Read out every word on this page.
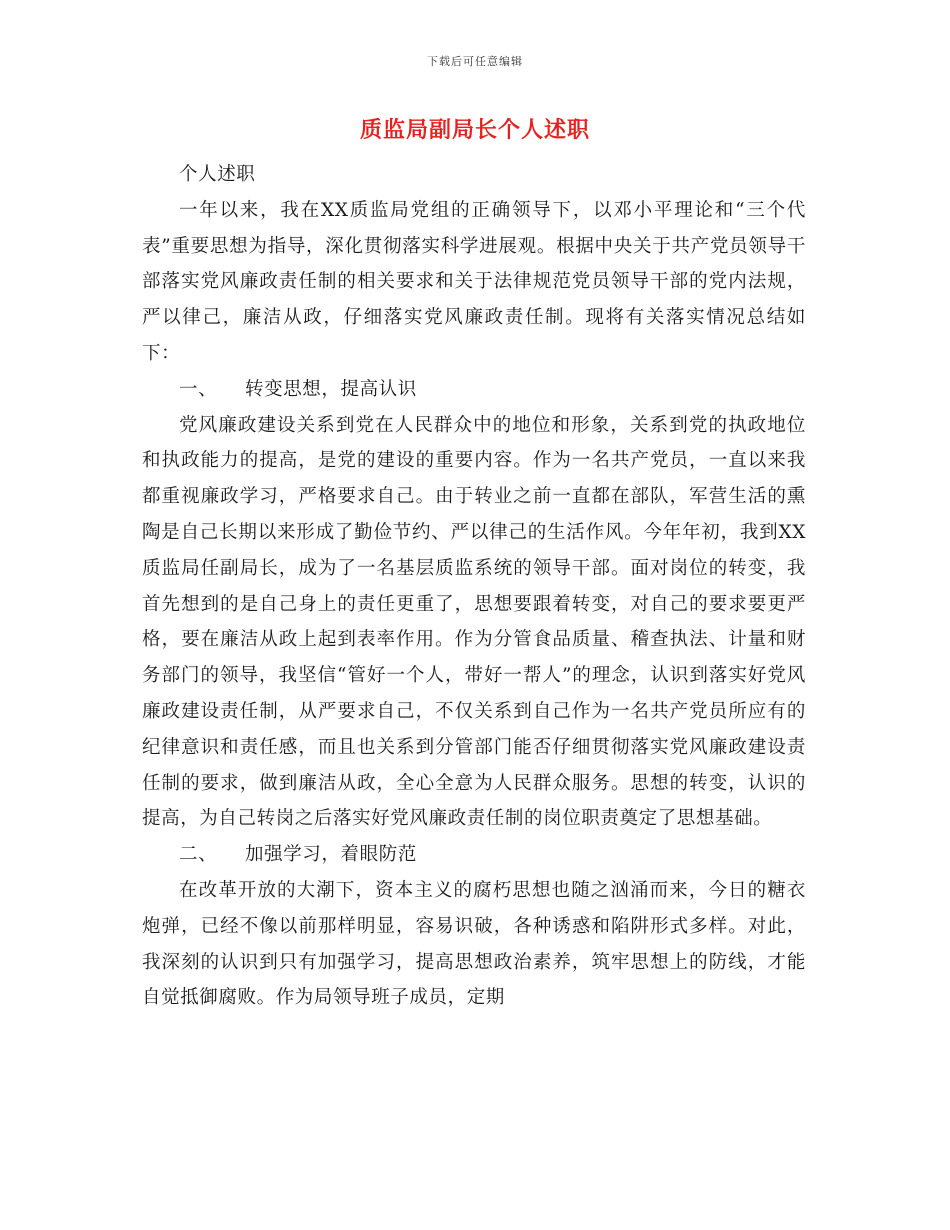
下载后可任意编辑
质监局副局长个人述职

个人述职

一年以来，我在XX质监局党组的正确领导下，以邓小平理论和“三个代表”重要思想为指导，深化贯彻落实科学进展观。根据中央关于共产党员领导干部落实党风廉政责任制的相关要求和关于法律规范党员领导干部的党内法规，严以律己，廉洁从政，仔细落实党风廉政责任制。现将有关落实情况总结如下：

一、 转变思想，提高认识

党风廉政建设关系到党在人民群众中的地位和形象，关系到党的执政地位和执政能力的提高，是党的建设的重要内容。作为一名共产党员，一直以来我都重视廉政学习，严格要求自己。由于转业之前一直都在部队，军营生活的熏陶是自己长期以来形成了勤俭节约、严以律己的生活作风。今年年初，我到XX质监局任副局长，成为了一名基层质监系统的领导干部。面对岗位的转变，我首先想到的是自己身上的责任更重了，思想要跟着转变，对自己的要求要更严格，要在廉洁从政上起到表率作用。作为分管食品质量、稽查执法、计量和财务部门的领导，我坚信“管好一个人，带好一帮人”的理念，认识到落实好党风廉政建设责任制，从严要求自己，不仅关系到自己作为一名共产党员所应有的纪律意识和责任感，而且也关系到分管部门能否仔细贯彻落实党风廉政建设责任制的要求，做到廉洁从政，全心全意为人民群众服务。思想的转变，认识的提高，为自己转岗之后落实好党风廉政责任制的岗位职责奠定了思想基础。

二、 加强学习，着眼防范

在改革开放的大潮下，资本主义的腐朽思想也随之汹涌而来，今日的糖衣炮弹，已经不像以前那样明显，容易识破，各种诱惑和陷阱形式多样。对此，我深刻的认识到只有加强学习，提高思想政治素养，筑牢思想上的防线，才能自觉抵御腐败。作为局领导班子成员，定期
